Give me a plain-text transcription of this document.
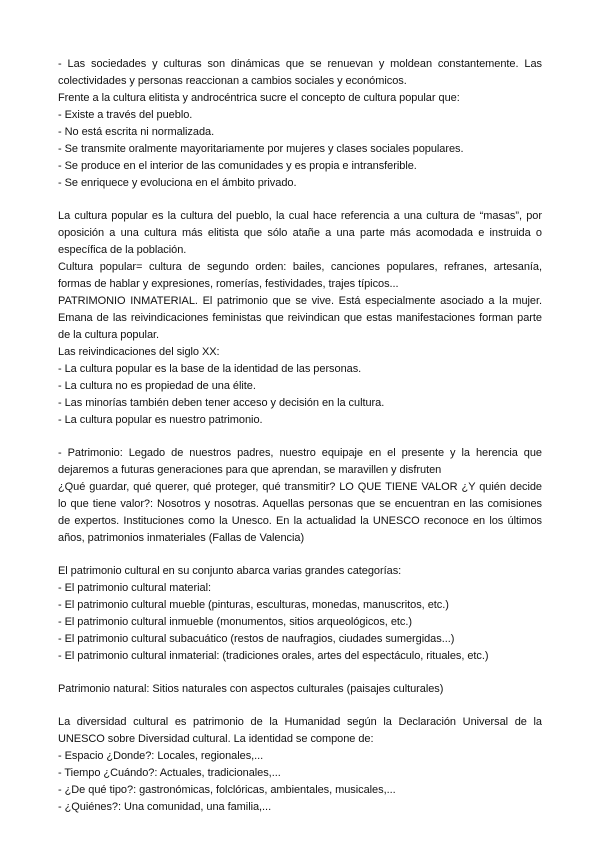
- Las sociedades y culturas son dinámicas que se renuevan y moldean constantemente. Las
colectividades y personas reaccionan a cambios sociales y económicos.
Frente a la cultura elitista y androcéntrica sucre el concepto de cultura popular que:
- Existe a través del pueblo.
- No está escrita ni normalizada.
- Se transmite oralmente mayoritariamente por mujeres y clases sociales populares.
- Se produce en el interior de las comunidades y es propia e intransferible.
- Se enriquece y evoluciona en el ámbito privado.
La cultura popular es la cultura del pueblo, la cual hace referencia a una cultura de “masas”, por
oposición a una cultura más elitista que sólo atañe a una parte más acomodada e instruida o
específica de la población.
Cultura popular= cultura de segundo orden: bailes, canciones populares, refranes, artesanía,
formas de hablar y expresiones, romerías, festividades, trajes típicos...
PATRIMONIO INMATERIAL. El patrimonio que se vive. Está especialmente asociado a la mujer.
Emana de las reivindicaciones feministas que reivindican que estas manifestaciones forman parte
de la cultura popular.
Las reivindicaciones del siglo XX:
- La cultura popular es la base de la identidad de las personas.
- La cultura no es propiedad de una élite.
- Las minorías también deben tener acceso y decisión en la cultura.
- La cultura popular es nuestro patrimonio.
- Patrimonio: Legado de nuestros padres, nuestro equipaje en el presente y la herencia que
dejaremos a futuras generaciones para que aprendan, se maravillen y disfruten
¿Qué guardar, qué querer, qué proteger, qué transmitir? LO QUE TIENE VALOR ¿Y quién decide
lo que tiene valor?: Nosotros y nosotras. Aquellas personas que se encuentran en las comisiones
de expertos. Instituciones como la Unesco. En la actualidad la UNESCO reconoce en los últimos
años, patrimonios inmateriales (Fallas de Valencia)
El patrimonio cultural en su conjunto abarca varias grandes categorías:
- El patrimonio cultural material:
- El patrimonio cultural mueble (pinturas, esculturas, monedas, manuscritos, etc.)
- El patrimonio cultural inmueble (monumentos, sitios arqueológicos, etc.)
- El patrimonio cultural subacuático (restos de naufragios, ciudades sumergidas...)
- El patrimonio cultural inmaterial: (tradiciones orales, artes del espectáculo, rituales, etc.)
Patrimonio natural: Sitios naturales con aspectos culturales (paisajes culturales)
La diversidad cultural es patrimonio de la Humanidad según la Declaración Universal de la
UNESCO sobre Diversidad cultural. La identidad se compone de:
- Espacio ¿Donde?: Locales, regionales,...
- Tiempo ¿Cuándo?: Actuales, tradicionales,...
- ¿De qué tipo?: gastronómicas, folclóricas, ambientales, musicales,...
- ¿Quiénes?: Una comunidad, una familia,...
